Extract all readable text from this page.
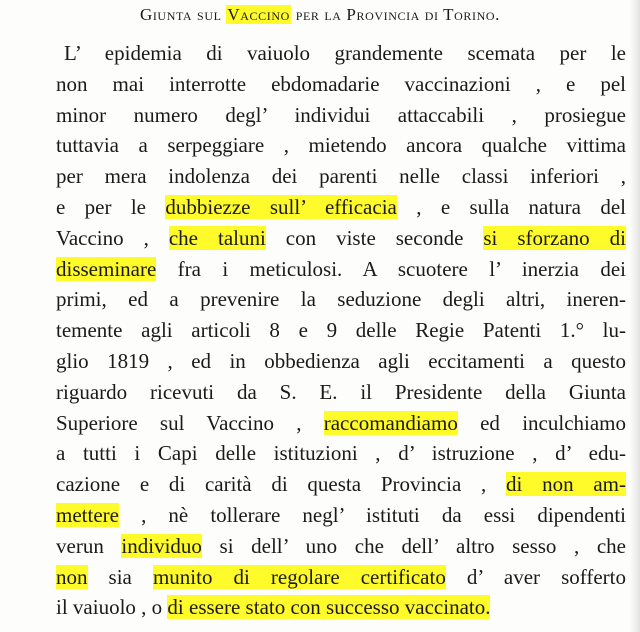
Giunta sul Vaccino per la Provincia di Torino.
L’ epidemia di vaiuolo grandemente scemata per le
non mai interrotte ebdomadarie vaccinazioni , e pel
minor numero degl’ individui attaccabili , prosiegue
tuttavia a serpeggiare , mietendo ancora qualche vittima
per mera indolenza dei parenti nelle classi inferiori ,
e per le dubbiezze sull’ efficacia , e sulla natura del
Vaccino , che taluni con viste seconde si sforzano di
disseminare fra i meticulosi. A scuotere l’ inerzia dei
primi, ed a prevenire la seduzione degli altri, ineren-
temente agli articoli 8 e 9 delle Regie Patenti 1.° lu-
glio 1819 , ed in obbedienza agli eccitamenti a questo
riguardo ricevuti da S. E. il Presidente della Giunta
Superiore sul Vaccino , raccomandiamo ed inculchiamo
a tutti i Capi delle istituzioni , d’ istruzione , d’ edu-
cazione e di carità di questa Provincia , di non am-
mettere , nè tollerare negl’ istituti da essi dipendenti
verun individuo si dell’ uno che dell’ altro sesso , che
non sia munito di regolare certificato d’ aver sofferto
il vaiuolo , o di essere stato con successo vaccinato.
